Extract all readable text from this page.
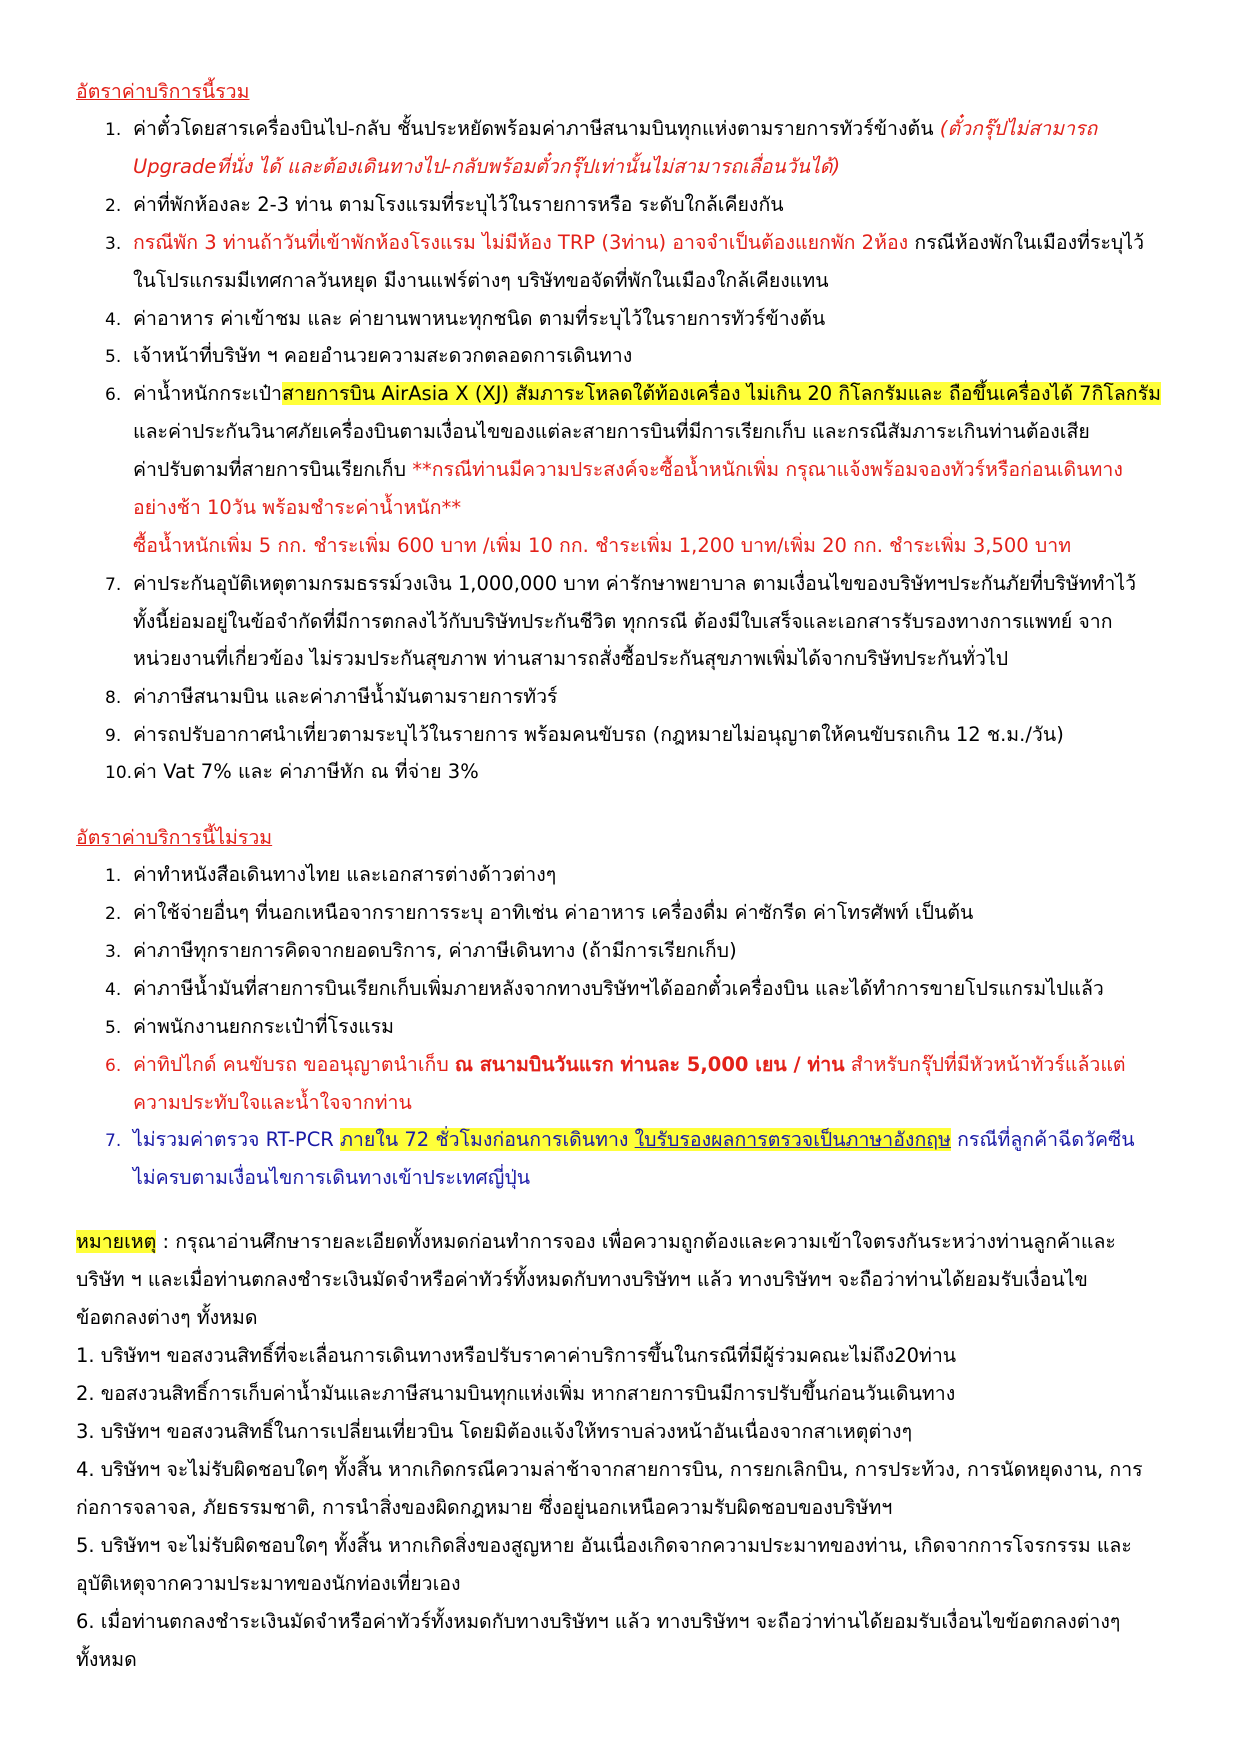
อัตราค่าบริการนี้รวม
1. ค่าตั๋วโดยสารเครื่องบินไป-กลับ ชั้นประหยัดพร้อมค่าภาษีสนามบินทุกแห่งตามรายการทัวร์ข้างต้น (ตั๋วกรุ๊ปไม่สามารถ
Upgradeที่นั่ง ได้ และต้องเดินทางไป-กลับพร้อมตั๋วกรุ๊ปเท่านั้นไม่สามารถเลื่อนวันได้)
2. ค่าที่พักห้องละ 2-3 ท่าน ตามโรงแรมที่ระบุไว้ในรายการหรือ ระดับใกล้เคียงกัน
3. กรณีพัก 3 ท่านถ้าวันที่เข้าพักห้องโรงแรม ไม่มีห้อง TRP (3ท่าน) อาจจำเป็นต้องแยกพัก 2ห้อง กรณีห้องพักในเมืองที่ระบุไว้
ในโปรแกรมมีเทศกาลวันหยุด มีงานแฟร์ต่างๆ บริษัทขอจัดที่พักในเมืองใกล้เคียงแทน
4. ค่าอาหาร ค่าเข้าชม และ ค่ายานพาหนะทุกชนิด ตามที่ระบุไว้ในรายการทัวร์ข้างต้น
5. เจ้าหน้าที่บริษัท ฯ คอยอำนวยความสะดวกตลอดการเดินทาง
6. ค่าน้ำหนักกระเป๋าสายการบิน AirAsia X (XJ) สัมภาระโหลดใต้ท้องเครื่อง ไม่เกิน 20 กิโลกรัมและ ถือขึ้นเครื่องได้ 7กิโลกรัม
และค่าประกันวินาศภัยเครื่องบินตามเงื่อนไขของแต่ละสายการบินที่มีการเรียกเก็บ และกรณีสัมภาระเกินท่านต้องเสีย
ค่าปรับตามที่สายการบินเรียกเก็บ **กรณีท่านมีความประสงค์จะซื้อน้ำหนักเพิ่ม กรุณาแจ้งพร้อมจองทัวร์หรือก่อนเดินทาง
อย่างช้า 10วัน พร้อมชำระค่าน้ำหนัก**
ซื้อน้ำหนักเพิ่ม 5 กก. ชำระเพิ่ม 600 บาท /เพิ่ม 10 กก. ชำระเพิ่ม 1,200 บาท/เพิ่ม 20 กก. ชำระเพิ่ม 3,500 บาท
7. ค่าประกันอุบัติเหตุตามกรมธรรม์วงเงิน 1,000,000 บาท ค่ารักษาพยาบาล ตามเงื่อนไขของบริษัทฯประกันภัยที่บริษัททำไว้
ทั้งนี้ย่อมอยู่ในข้อจำกัดที่มีการตกลงไว้กับบริษัทประกันชีวิต ทุกกรณี ต้องมีใบเสร็จและเอกสารรับรองทางการแพทย์ จาก
หน่วยงานที่เกี่ยวข้อง ไม่รวมประกันสุขภาพ ท่านสามารถสั่งซื้อประกันสุขภาพเพิ่มได้จากบริษัทประกันทั่วไป
8. ค่าภาษีสนามบิน และค่าภาษีน้ำมันตามรายการทัวร์
9. ค่ารถปรับอากาศนำเที่ยวตามระบุไว้ในรายการ พร้อมคนขับรถ (กฎหมายไม่อนุญาตให้คนขับรถเกิน 12 ช.ม./วัน)
10. ค่า Vat 7% และ ค่าภาษีหัก ณ ที่จ่าย 3%
อัตราค่าบริการนี้ไม่รวม
1. ค่าทำหนังสือเดินทางไทย และเอกสารต่างด้าวต่างๆ
2. ค่าใช้จ่ายอื่นๆ ที่นอกเหนือจากรายการระบุ อาทิเช่น ค่าอาหาร เครื่องดื่ม ค่าซักรีด ค่าโทรศัพท์ เป็นต้น
3. ค่าภาษีทุกรายการคิดจากยอดบริการ, ค่าภาษีเดินทาง (ถ้ามีการเรียกเก็บ)
4. ค่าภาษีน้ำมันที่สายการบินเรียกเก็บเพิ่มภายหลังจากทางบริษัทฯได้ออกตั๋วเครื่องบิน และได้ทำการขายโปรแกรมไปแล้ว
5. ค่าพนักงานยกกระเป๋าที่โรงแรม
6. ค่าทิปไกด์ คนขับรถ ขออนุญาตนำเก็บ ณ สนามบินวันแรก ท่านละ 5,000 เยน / ท่าน สำหรับกรุ๊ปที่มีหัวหน้าทัวร์แล้วแต่
ความประทับใจและน้ำใจจากท่าน
7. ไม่รวมค่าตรวจ RT-PCR ภายใน 72 ชั่วโมงก่อนการเดินทาง ใบรับรองผลการตรวจเป็นภาษาอังกฤษ กรณีที่ลูกค้าฉีดวัคซีน
ไม่ครบตามเงื่อนไขการเดินทางเข้าประเทศญี่ปุ่น
หมายเหตุ : กรุณาอ่านศึกษารายละเอียดทั้งหมดก่อนทำการจอง เพื่อความถูกต้องและความเข้าใจตรงกันระหว่างท่านลูกค้าและ
บริษัท ฯ และเมื่อท่านตกลงชำระเงินมัดจำหรือค่าทัวร์ทั้งหมดกับทางบริษัทฯ แล้ว ทางบริษัทฯ จะถือว่าท่านได้ยอมรับเงื่อนไข
ข้อตกลงต่างๆ ทั้งหมด
1. บริษัทฯ ขอสงวนสิทธิ์ที่จะเลื่อนการเดินทางหรือปรับราคาค่าบริการขึ้นในกรณีที่มีผู้ร่วมคณะไม่ถึง20ท่าน
2. ขอสงวนสิทธิ์การเก็บค่าน้ำมันและภาษีสนามบินทุกแห่งเพิ่ม หากสายการบินมีการปรับขึ้นก่อนวันเดินทาง
3. บริษัทฯ ขอสงวนสิทธิ์ในการเปลี่ยนเที่ยวบิน โดยมิต้องแจ้งให้ทราบล่วงหน้าอันเนื่องจากสาเหตุต่างๆ
4. บริษัทฯ จะไม่รับผิดชอบใดๆ ทั้งสิ้น หากเกิดกรณีความล่าช้าจากสายการบิน, การยกเลิกบิน, การประท้วง, การนัดหยุดงาน, การ
ก่อการจลาจล, ภัยธรรมชาติ, การนำสิ่งของผิดกฎหมาย ซึ่งอยู่นอกเหนือความรับผิดชอบของบริษัทฯ
5. บริษัทฯ จะไม่รับผิดชอบใดๆ ทั้งสิ้น หากเกิดสิ่งของสูญหาย อันเนื่องเกิดจากความประมาทของท่าน, เกิดจากการโจรกรรม และ
อุบัติเหตุจากความประมาทของนักท่องเที่ยวเอง
6. เมื่อท่านตกลงชำระเงินมัดจำหรือค่าทัวร์ทั้งหมดกับทางบริษัทฯ แล้ว ทางบริษัทฯ จะถือว่าท่านได้ยอมรับเงื่อนไขข้อตกลงต่างๆ
ทั้งหมด
